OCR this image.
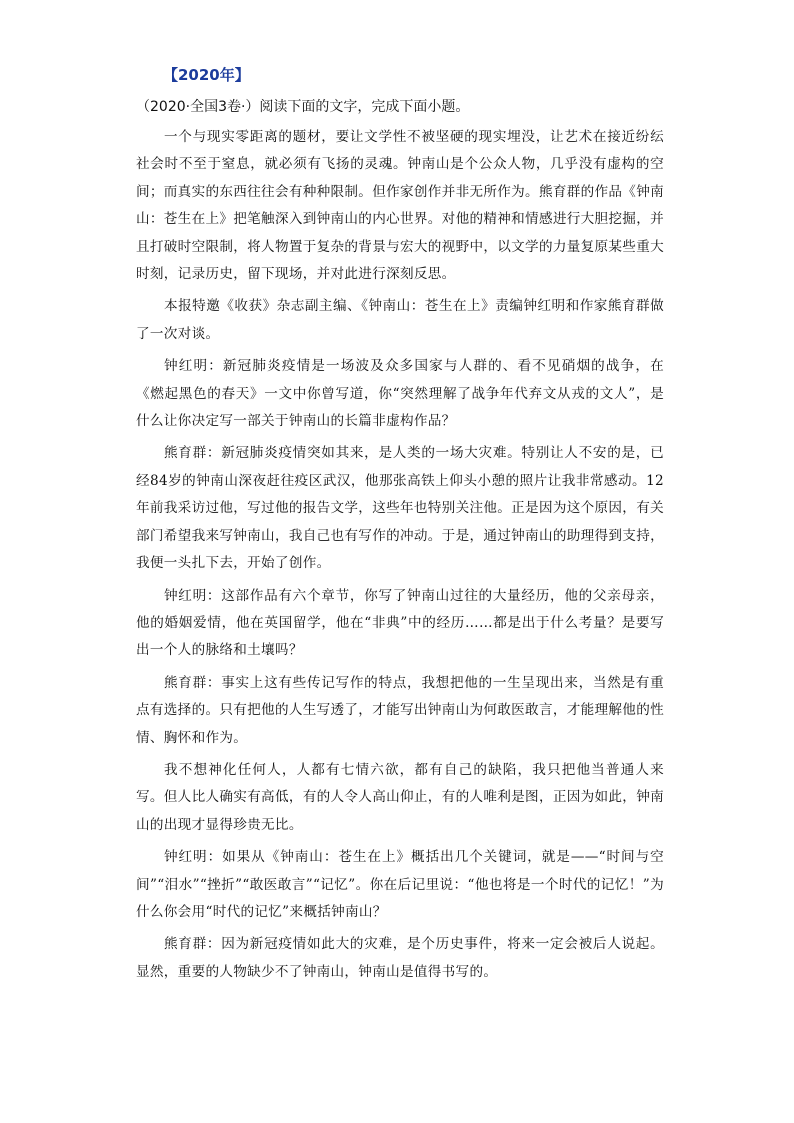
【2020年】
（2020·全国3卷·）阅读下面的文字，完成下面小题。

一个与现实零距离的题材，要让文学性不被坚硬的现实埋没，让艺术在接近纷纭社会时不至于窒息，就必须有飞扬的灵魂。钟南山是个公众人物，几乎没有虚构的空间；而真实的东西往往会有种种限制。但作家创作并非无所作为。熊育群的作品《钟南山：苍生在上》把笔触深入到钟南山的内心世界。对他的精神和情感进行大胆挖掘，并且打破时空限制，将人物置于复杂的背景与宏大的视野中，以文学的力量复原某些重大时刻，记录历史，留下现场，并对此进行深刻反思。

本报特邀《收获》杂志副主编、《钟南山：苍生在上》责编钟红明和作家熊育群做了一次对谈。

钟红明：新冠肺炎疫情是一场波及众多国家与人群的、看不见硝烟的战争，在《燃起黑色的春天》一文中你曾写道，你“突然理解了战争年代弃文从戎的文人”，是什么让你决定写一部关于钟南山的长篇非虚构作品？

熊育群：新冠肺炎疫情突如其来，是人类的一场大灾难。特别让人不安的是，已经84岁的钟南山深夜赶往疫区武汉，他那张高铁上仰头小憩的照片让我非常感动。12年前我采访过他，写过他的报告文学，这些年也特别关注他。正是因为这个原因，有关部门希望我来写钟南山，我自己也有写作的冲动。于是，通过钟南山的助理得到支持，我便一头扎下去，开始了创作。

钟红明：这部作品有六个章节，你写了钟南山过往的大量经历，他的父亲母亲，他的婚姻爱情，他在英国留学，他在“非典”中的经历……都是出于什么考量？是要写出一个人的脉络和土壤吗？

熊育群：事实上这有些传记写作的特点，我想把他的一生呈现出来，当然是有重点有选择的。只有把他的人生写透了，才能写出钟南山为何敢医敢言，才能理解他的性情、胸怀和作为。

我不想神化任何人，人都有七情六欲，都有自己的缺陷，我只把他当普通人来写。但人比人确实有高低，有的人令人高山仰止，有的人唯利是图，正因为如此，钟南山的出现才显得珍贵无比。

钟红明：如果从《钟南山：苍生在上》概括出几个关键词，就是——“时间与空间”“泪水”“挫折”“敢医敢言”“记忆”。你在后记里说：“他也将是一个时代的记忆！”为什么你会用“时代的记忆”来概括钟南山？

熊育群：因为新冠疫情如此大的灾难，是个历史事件，将来一定会被后人说起。显然，重要的人物缺少不了钟南山，钟南山是值得书写的。
